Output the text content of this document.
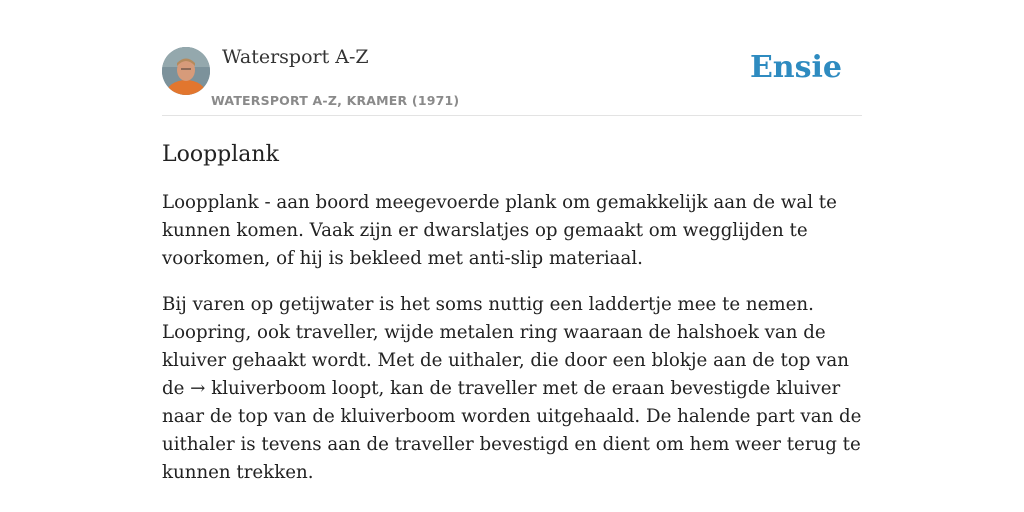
Watersport A-Z
WATERSPORT A-Z, KRAMER (1971)
Ensie
Loopplank

Loopplank - aan boord meegevoerde plank om gemakkelijk aan de wal te kunnen komen. Vaak zijn er dwarslatjes op gemaakt om wegglijden te voorkomen, of hij is bekleed met anti-slip materiaal.

Bij varen op getijwater is het soms nuttig een laddertje mee te nemen. Loopring, ook traveller, wijde metalen ring waaraan de halshoek van de kluiver gehaakt wordt. Met de uithaler, die door een blokje aan de top van de → kluiverboom loopt, kan de traveller met de eraan bevestigde kluiver naar de top van de kluiverboom worden uitgehaald. De halende part van de uithaler is tevens aan de traveller bevestigd en dient om hem weer terug te kunnen trekken.
